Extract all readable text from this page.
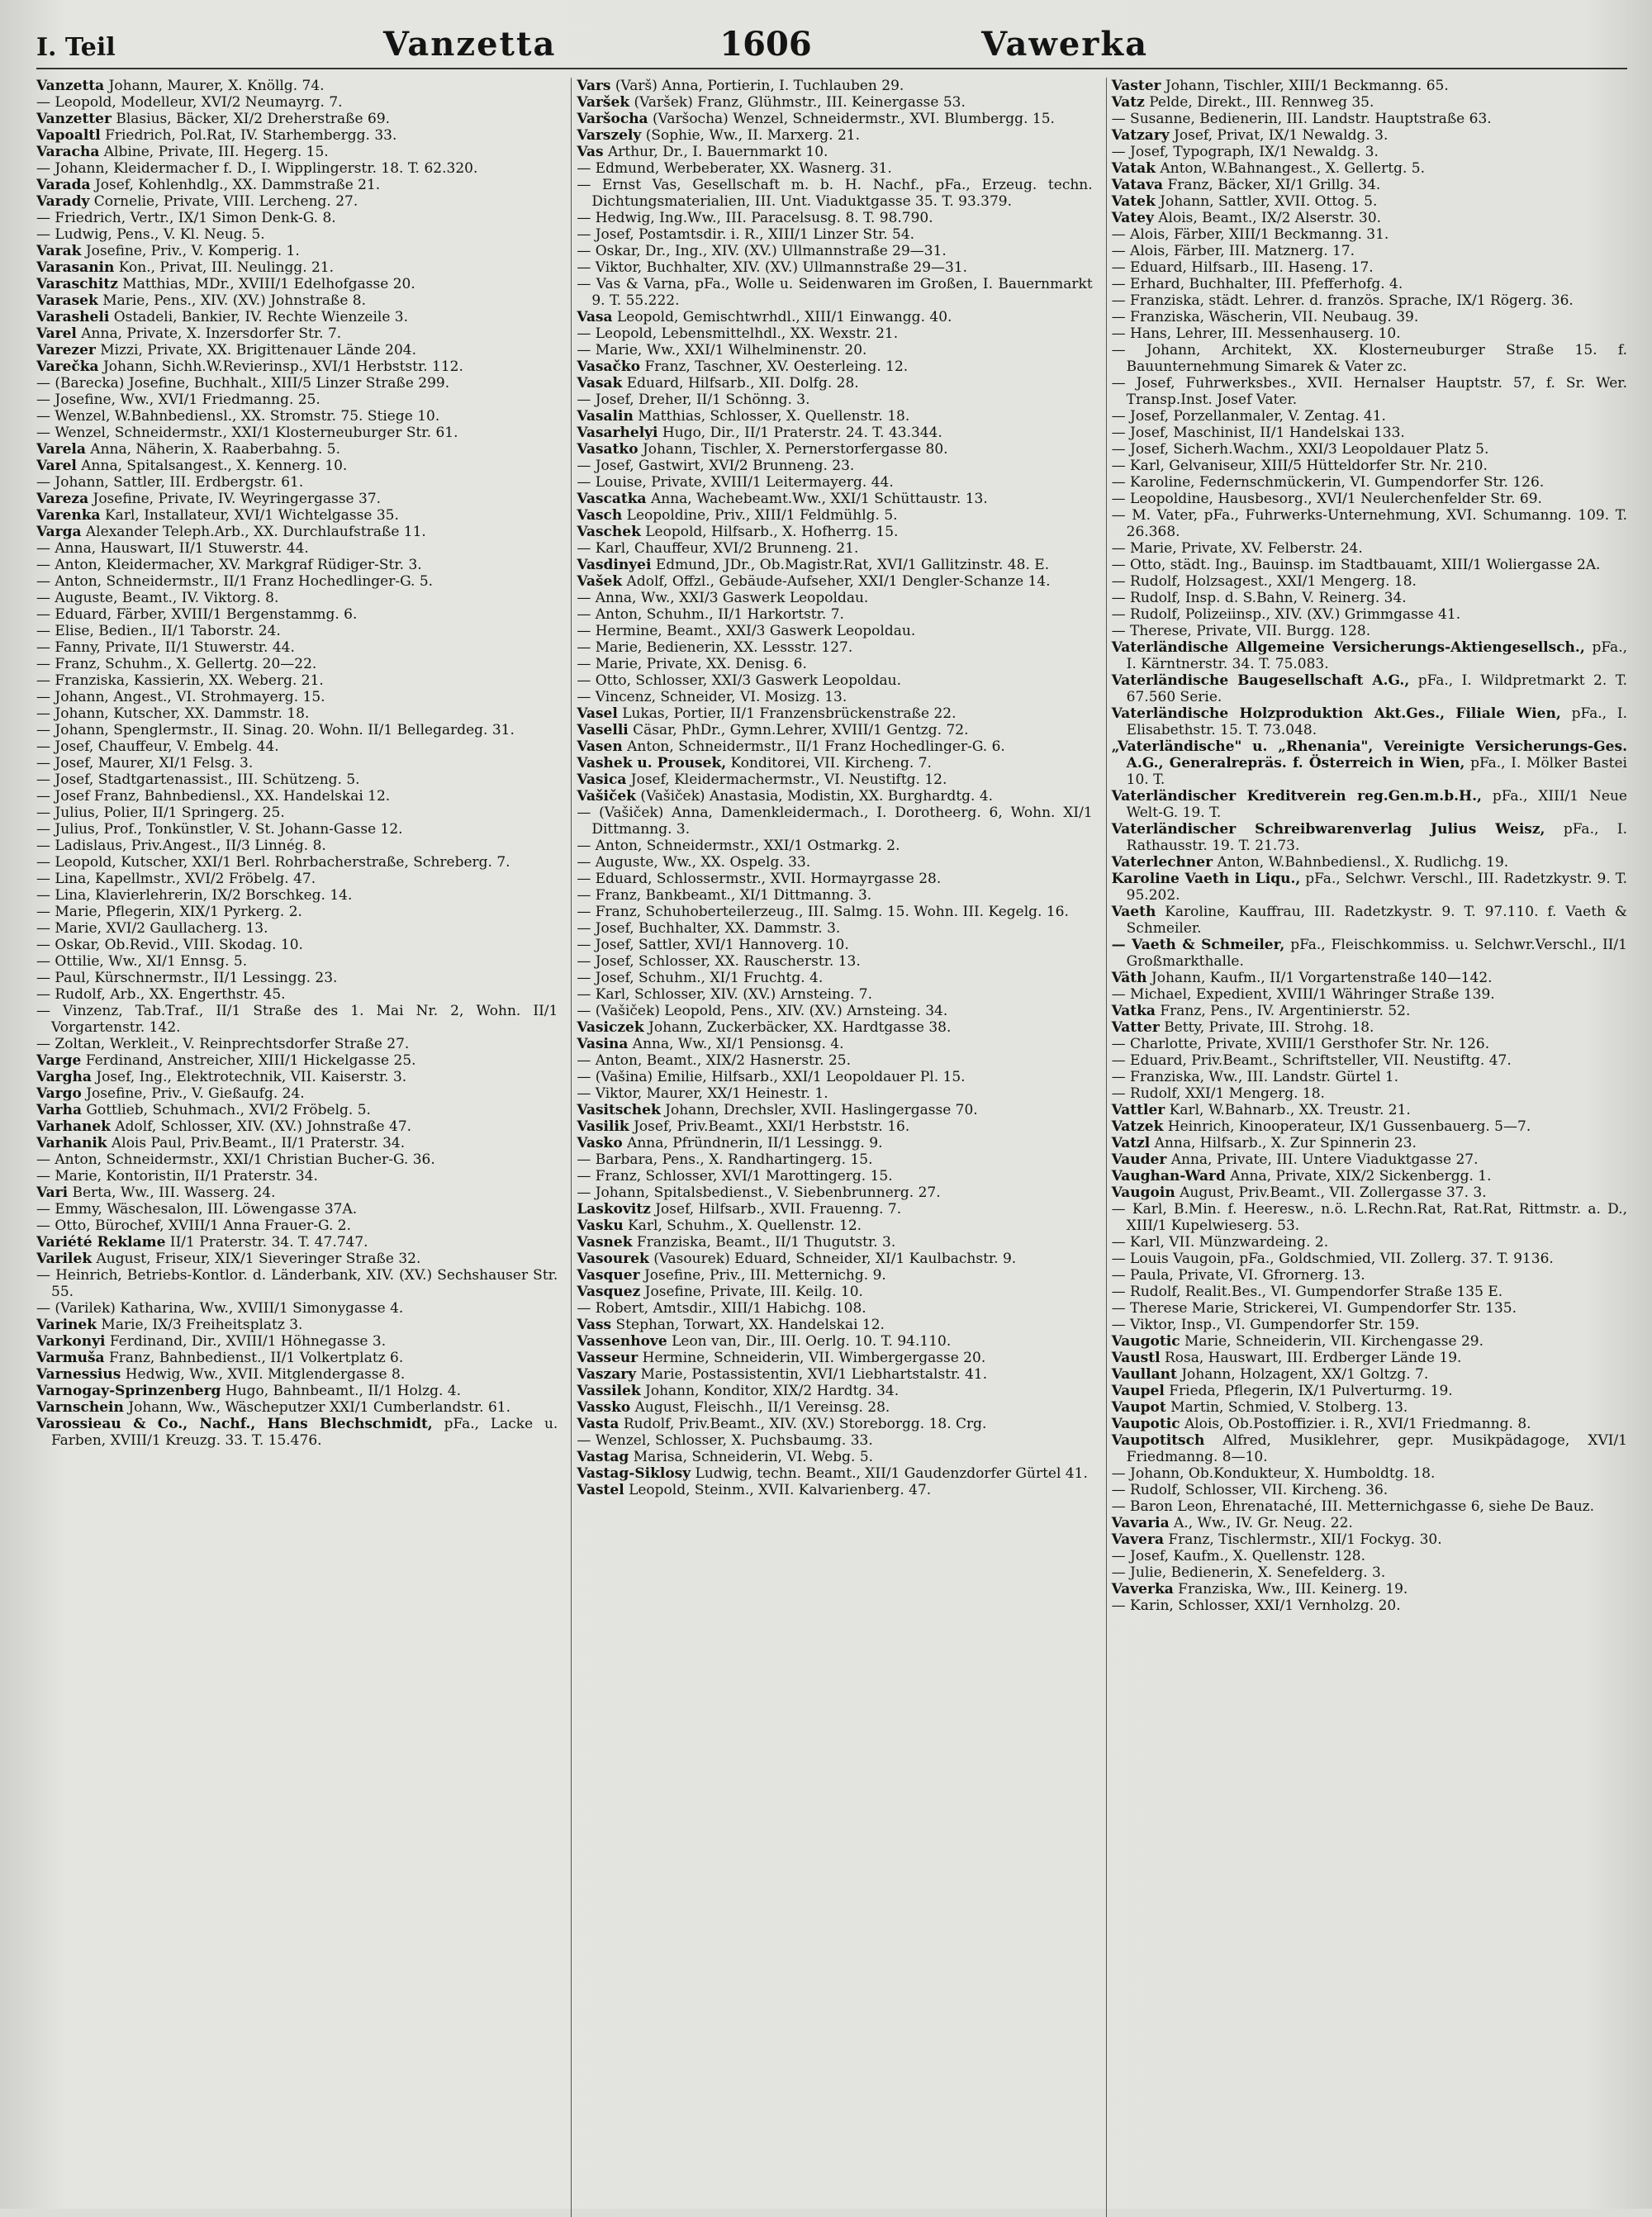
I. Teil	Vanzetta	1606	Vawerka

Vanzetta Johann, Maurer, X. Knöllg. 74.

— Leopold, Modelleur, XVI/2 Neumayrg. 7.

Vanzetter Blasius, Bäcker, XI/2 Dreherstraße 69.

Vapoaltl Friedrich, Pol.Rat, IV. Starhembergg. 33.

Varacha Albine, Private, III. Hegerg. 15.

— Johann, Kleidermacher f. D., I. Wipplingerstr. 18. T. 62.320.

Varada Josef, Kohlenhdlg., XX. Dammstraße 21.

Varady Cornelie, Private, VIII. Lercheng. 27.

— Friedrich, Vertr., IX/1 Simon Denk-G. 8.

— Ludwig, Pens., V. Kl. Neug. 5.

Varak Josefine, Priv., V. Komperig. 1.

Varasanin Kon., Privat, III. Neulingg. 21.

Varaschitz Matthias, MDr., XVIII/1 Edelhofgasse 20.

Varasek Marie, Pens., XIV. (XV.) Johnstraße 8.

Varasheli Ostadeli, Bankier, IV. Rechte Wienzeile 3.

Varel Anna, Private, X. Inzersdorfer Str. 7.

Varezer Mizzi, Private, XX. Brigittenauer Lände 204.

Varečka Johann, Sichh.W.Revierinsp., XVI/1 Herbststr. 112.

— (Barecka) Josefine, Buchhalt., XIII/5 Linzer Straße 299.

— Josefine, Ww., XVI/1 Friedmanng. 25.

— Wenzel, W.Bahnbediensl., XX. Stromstr. 75. Stiege 10.

— Wenzel, Schneidermstr., XXI/1 Klosterneuburger Str. 61.

Varela Anna, Näherin, X. Raaberbahng. 5.

Varel Anna, Spitalsangest., X. Kennerg. 10.

— Johann, Sattler, III. Erdbergstr. 61.

Vareza Josefine, Private, IV. Weyringergasse 37.

Varenka Karl, Installateur, XVI/1 Wichtelgasse 35.

Varga Alexander Teleph.Arb., XX. Durchlaufstraße 11.

— Anna, Hauswart, II/1 Stuwerstr. 44.

— Anton, Kleidermacher, XV. Markgraf Rüdiger-Str. 3.

— Anton, Schneidermstr., II/1 Franz Hochedlinger-G. 5.

— Auguste, Beamt., IV. Viktorg. 8.

— Eduard, Färber, XVIII/1 Bergenstammg. 6.

— Elise, Bedien., II/1 Taborstr. 24.

— Fanny, Private, II/1 Stuwerstr. 44.

— Franz, Schuhm., X. Gellertg. 20—22.

— Franziska, Kassierin, XX. Weberg. 21.

— Johann, Angest., VI. Strohmayerg. 15.

— Johann, Kutscher, XX. Dammstr. 18.

— Johann, Spenglermstr., II. Sinag. 20. Wohn. II/1 Bellegardeg. 31.

— Josef, Chauffeur, V. Embelg. 44.

— Josef, Maurer, XI/1 Felsg. 3.

— Josef, Stadtgartenassist., III. Schützeng. 5.

— Josef Franz, Bahnbediensl., XX. Handelskai 12.

— Julius, Polier, II/1 Springerg. 25.

— Julius, Prof., Tonkünstler, V. St. Johann-Gasse 12.

— Ladislaus, Priv.Angest., II/3 Linnég. 8.

— Leopold, Kutscher, XXI/1 Berl. Rohrbacherstraße, Schreberg. 7.

— Lina, Kapellmstr., XVI/2 Fröbelg. 47.

— Lina, Klavierlehrerin, IX/2 Borschkeg. 14.

— Marie, Pflegerin, XIX/1 Pyrkerg. 2.

— Marie, XVI/2 Gaullacherg. 13.

— Oskar, Ob.Revid., VIII. Skodag. 10.

— Ottilie, Ww., XI/1 Ennsg. 5.

— Paul, Kürschnermstr., II/1 Lessingg. 23.

— Rudolf, Arb., XX. Engerthstr. 45.

— Vinzenz, Tab.Traf., II/1 Straße des 1. Mai Nr. 2, Wohn. II/1 Vorgartenstr. 142.

— Zoltan, Werkleit., V. Reinprechtsdorfer Straße 27.

Varge Ferdinand, Anstreicher, XIII/1 Hickelgasse 25.

Vargha Josef, Ing., Elektrotechnik, VII. Kaiserstr. 3.

Vargo Josefine, Priv., V. Gießaufg. 24.

Varha Gottlieb, Schuhmach., XVI/2 Fröbelg. 5.

Varhanek Adolf, Schlosser, XIV. (XV.) Johnstraße 47.

Varhanik Alois Paul, Priv.Beamt., II/1 Praterstr. 34.

— Anton, Schneidermstr., XXI/1 Christian Bucher-G. 36.

— Marie, Kontoristin, II/1 Praterstr. 34.

Vari Berta, Ww., III. Wasserg. 24.

— Emmy, Wäschesalon, III. Löwengasse 37A.

— Otto, Bürochef, XVIII/1 Anna Frauer-G. 2.

Variété Reklame II/1 Praterstr. 34. T. 47.747.

Varilek August, Friseur, XIX/1 Sieveringer Straße 32.

— Heinrich, Betriebs-Kontlor. d. Länderbank, XIV. (XV.) Sechshauser Str. 55.

— (Varilek) Katharina, Ww., XVIII/1 Simonygasse 4.

Varinek Marie, IX/3 Freiheitsplatz 3.

Varkonyi Ferdinand, Dir., XVIII/1 Höhnegasse 3.

Varmuša Franz, Bahnbedienst., II/1 Volkertplatz 6.

Varnessius Hedwig, Ww., XVII. Mitglendergasse 8.

Varnogay-Sprinzenberg Hugo, Bahnbeamt., II/1 Holzg. 4.

Varnschein Johann, Ww., Wäscheputzer XXI/1 Cumberlandstr. 61.

Varossieau & Co., Nachf., Hans Blechschmidt, pFa., Lacke u. Farben, XVIII/1 Kreuzg. 33. T. 15.476.

Vars (Varš) Anna, Portierin, I. Tuchlauben 29.

Varšek (Varšek) Franz, Glühmstr., III. Keinergasse 53.

Varšocha (Varšocha) Wenzel, Schneidermstr., XVI. Blumbergg. 15.

Varszely (Sophie, Ww., II. Marxerg. 21.

Vas Arthur, Dr., I. Bauernmarkt 10.

— Edmund, Werbeberater, XX. Wasnerg. 31.

— Ernst Vas, Gesellschaft m. b. H. Nachf., pFa., Erzeug. techn. Dichtungsmaterialien, III. Unt. Viaduktgasse 35. T. 93.379.

— Hedwig, Ing.Ww., III. Paracelsusg. 8. T. 98.790.

— Josef, Postamtsdir. i. R., XIII/1 Linzer Str. 54.

— Oskar, Dr., Ing., XIV. (XV.) Ullmannstraße 29—31.

— Viktor, Buchhalter, XIV. (XV.) Ullmannstraße 29—31.

— Vas & Varna, pFa., Wolle u. Seidenwaren im Großen, I. Bauernmarkt 9. T. 55.222.

Vasa Leopold, Gemischtwrhdl., XIII/1 Einwangg. 40.

— Leopold, Lebensmittelhdl., XX. Wexstr. 21.

— Marie, Ww., XXI/1 Wilhelminenstr. 20.

Vasačko Franz, Taschner, XV. Oesterleing. 12.

Vasak Eduard, Hilfsarb., XII. Dolfg. 28.

— Josef, Dreher, II/1 Schönng. 3.

Vasalin Matthias, Schlosser, X. Quellenstr. 18.

Vasarhelyi Hugo, Dir., II/1 Praterstr. 24. T. 43.344.

Vasatko Johann, Tischler, X. Pernerstorfergasse 80.

— Josef, Gastwirt, XVI/2 Brunneng. 23.

— Louise, Private, XVIII/1 Leitermayerg. 44.

Vascatka Anna, Wachebeamt.Ww., XXI/1 Schüttaustr. 13.

Vasch Leopoldine, Priv., XIII/1 Feldmühlg. 5.

Vaschek Leopold, Hilfsarb., X. Hofherrg. 15.

— Karl, Chauffeur, XVI/2 Brunneng. 21.

Vasdinyei Edmund, JDr., Ob.Magistr.Rat, XVI/1 Gallitzinstr. 48. E.

Vašek Adolf, Offzl., Gebäude-Aufseher, XXI/1 Dengler-Schanze 14.

— Anna, Ww., XXI/3 Gaswerk Leopoldau.

— Anton, Schuhm., II/1 Harkortstr. 7.

— Hermine, Beamt., XXI/3 Gaswerk Leopoldau.

— Marie, Bedienerin, XX. Lessstr. 127.

— Marie, Private, XX. Denisg. 6.

— Otto, Schlosser, XXI/3 Gaswerk Leopoldau.

— Vincenz, Schneider, VI. Mosizg. 13.

Vasel Lukas, Portier, II/1 Franzensbrückenstraße 22.

Vaselli Cäsar, PhDr., Gymn.Lehrer, XVIII/1 Gentzg. 72.

Vasen Anton, Schneidermstr., II/1 Franz Hochedlinger-G. 6.

Vashek u. Prousek, Konditorei, VII. Kircheng. 7.

Vasica Josef, Kleidermachermstr., VI. Neustiftg. 12.

Vašiček (Vašiček) Anastasia, Modistin, XX. Burghardtg. 4.

— (Vašiček) Anna, Damenkleidermach., I. Dorotheerg. 6, Wohn. XI/1 Dittmanng. 3.

— Anton, Schneidermstr., XXI/1 Ostmarkg. 2.

— Auguste, Ww., XX. Ospelg. 33.

— Eduard, Schlossermstr., XVII. Hormayrgasse 28.

— Franz, Bankbeamt., XI/1 Dittmanng. 3.

— Franz, Schuhoberteilerzeug., III. Salmg. 15. Wohn. III. Kegelg. 16.

— Josef, Buchhalter, XX. Dammstr. 3.

— Josef, Sattler, XVI/1 Hannoverg. 10.

— Josef, Schlosser, XX. Rauscherstr. 13.

— Josef, Schuhm., XI/1 Fruchtg. 4.

— Karl, Schlosser, XIV. (XV.) Arnsteing. 7.

— (Vašiček) Leopold, Pens., XIV. (XV.) Arnsteing. 34.

Vasiczek Johann, Zuckerbäcker, XX. Hardtgasse 38.

Vasina Anna, Ww., XI/1 Pensionsg. 4.

— Anton, Beamt., XIX/2 Hasnerstr. 25.

— (Vašina) Emilie, Hilfsarb., XXI/1 Leopoldauer Pl. 15.

— Viktor, Maurer, XX/1 Heinestr. 1.

Vasitschek Johann, Drechsler, XVII. Haslingergasse 70.

Vasilik Josef, Priv.Beamt., XXI/1 Herbststr. 16.

Vasko Anna, Pfründnerin, II/1 Lessingg. 9.

— Barbara, Pens., X. Randhartingerg. 15.

— Franz, Schlosser, XVI/1 Marottingerg. 15.

— Johann, Spitalsbedienst., V. Siebenbrunnerg. 27.

Laskovitz Josef, Hilfsarb., XVII. Frauenng. 7.

Vasku Karl, Schuhm., X. Quellenstr. 12.

Vasnek Franziska, Beamt., II/1 Thugutstr. 3.

Vasourek (Vasourek) Eduard, Schneider, XI/1 Kaulbachstr. 9.

Vasquer Josefine, Priv., III. Metternichg. 9.

Vasquez Josefine, Private, III. Keilg. 10.

— Robert, Amtsdir., XIII/1 Habichg. 108.

Vass Stephan, Torwart, XX. Handelskai 12.

Vassenhove Leon van, Dir., III. Oerlg. 10. T. 94.110.

Vasseur Hermine, Schneiderin, VII. Wimbergergasse 20.

Vaszary Marie, Postassistentin, XVI/1 Liebhartstalstr. 41.

Vassilek Johann, Konditor, XIX/2 Hardtg. 34.

Vassko August, Fleischh., II/1 Vereinsg. 28.

Vasta Rudolf, Priv.Beamt., XIV. (XV.) Storeborgg. 18. Crg.

— Wenzel, Schlosser, X. Puchsbaumg. 33.

Vastag Marisa, Schneiderin, VI. Webg. 5.

Vastag-Siklosy Ludwig, techn. Beamt., XII/1 Gaudenzdorfer Gürtel 41.

Vastel Leopold, Steinm., XVII. Kalvarienberg. 47.

Vaster Johann, Tischler, XIII/1 Beckmanng. 65.

Vatz Pelde, Direkt., III. Rennweg 35.

— Susanne, Bedienerin, III. Landstr. Hauptstraße 63.

Vatzary Josef, Privat, IX/1 Newaldg. 3.

— Josef, Typograph, IX/1 Newaldg. 3.

Vatak Anton, W.Bahnangest., X. Gellertg. 5.

Vatava Franz, Bäcker, XI/1 Grillg. 34.

Vatek Johann, Sattler, XVII. Ottog. 5.

Vatey Alois, Beamt., IX/2 Alserstr. 30.

— Alois, Färber, XIII/1 Beckmanng. 31.

— Alois, Färber, III. Matznerg. 17.

— Eduard, Hilfsarb., III. Haseng. 17.

— Erhard, Buchhalter, III. Pfefferhofg. 4.

— Franziska, städt. Lehrer. d. französ. Sprache, IX/1 Rögerg. 36.

— Franziska, Wäscherin, VII. Neubaug. 39.

— Hans, Lehrer, III. Messenhauserg. 10.

— Johann, Architekt, XX. Klosterneuburger Straße 15. f. Bauunternehmung Simarek & Vater zc.

— Josef, Fuhrwerksbes., XVII. Hernalser Hauptstr. 57, f. Sr. Wer. Transp.Inst. Josef Vater.

— Josef, Porzellanmaler, V. Zentag. 41.

— Josef, Maschinist, II/1 Handelskai 133.

— Josef, Sicherh.Wachm., XXI/3 Leopoldauer Platz 5.

— Karl, Gelvaniseur, XIII/5 Hütteldorfer Str. Nr. 210.

— Karoline, Federnschmückerin, VI. Gumpendorfer Str. 126.

— Leopoldine, Hausbesorg., XVI/1 Neulerchenfelder Str. 69.

— M. Vater, pFa., Fuhrwerks-Unternehmung, XVI. Schumanng. 109. T. 26.368.

— Marie, Private, XV. Felberstr. 24.

— Otto, städt. Ing., Bauinsp. im Stadtbauamt, XIII/1 Woliergasse 2A.

— Rudolf, Holzsagest., XXI/1 Mengerg. 18.

— Rudolf, Insp. d. S.Bahn, V. Reinerg. 34.

— Rudolf, Polizeiinsp., XIV. (XV.) Grimmgasse 41.

— Therese, Private, VII. Burgg. 128.

Vaterländische Allgemeine Versicherungs-Aktiengesellsch., pFa., I. Kärntnerstr. 34. T. 75.083.

Vaterländische Baugesellschaft A.G., pFa., I. Wildpretmarkt 2. T. 67.560 Serie.

Vaterländische Holzproduktion Akt.Ges., Filiale Wien, pFa., I. Elisabethstr. 15. T. 73.048.

„Vaterländische" u. „Rhenania", Vereinigte Versicherungs-Ges. A.G., Generalrepräs. f. Österreich in Wien, pFa., I. Mölker Bastei 10. T.

Vaterländischer Kreditverein reg.Gen.m.b.H., pFa., XIII/1 Neue Welt-G. 19. T.

Vaterländischer Schreibwarenverlag Julius Weisz, pFa., I. Rathausstr. 19. T. 21.73.

Vaterlechner Anton, W.Bahnbediensl., X. Rudlichg. 19.

Karoline Vaeth in Liqu., pFa., Selchwr. Verschl., III. Radetzkystr. 9. T. 95.202.

Vaeth Karoline, Kauffrau, III. Radetzkystr. 9. T. 97.110. f. Vaeth & Schmeiler.

— Vaeth & Schmeiler, pFa., Fleischkommiss. u. Selchwr.Verschl., II/1 Großmarkthalle.

Väth Johann, Kaufm., II/1 Vorgartenstraße 140—142.

— Michael, Expedient, XVIII/1 Währinger Straße 139.

Vatka Franz, Pens., IV. Argentinierstr. 52.

Vatter Betty, Private, III. Strohg. 18.

— Charlotte, Private, XVIII/1 Gersthofer Str. Nr. 126.

— Eduard, Priv.Beamt., Schriftsteller, VII. Neustiftg. 47.

— Franziska, Ww., III. Landstr. Gürtel 1.

— Rudolf, XXI/1 Mengerg. 18.

Vattler Karl, W.Bahnarb., XX. Treustr. 21.

Vatzek Heinrich, Kinooperateur, IX/1 Gussenbauerg. 5—7.

Vatzl Anna, Hilfsarb., X. Zur Spinnerin 23.

Vauder Anna, Private, III. Untere Viaduktgasse 27.

Vaughan-Ward Anna, Private, XIX/2 Sickenbergg. 1.

Vaugoin August, Priv.Beamt., VII. Zollergasse 37. 3.

— Karl, B.Min. f. Heeresw., n.ö. L.Rechn.Rat, Rat.Rat, Rittmstr. a. D., XIII/1 Kupelwieserg. 53.

— Karl, VII. Münzwardeing. 2.

— Louis Vaugoin, pFa., Goldschmied, VII. Zollerg. 37. T. 9136.

— Paula, Private, VI. Gfrornerg. 13.

— Rudolf, Realit.Bes., VI. Gumpendorfer Straße 135 E.

— Therese Marie, Strickerei, VI. Gumpendorfer Str. 135.

— Viktor, Insp., VI. Gumpendorfer Str. 159.

Vaugotic Marie, Schneiderin, VII. Kirchengasse 29.

Vaustl Rosa, Hauswart, III. Erdberger Lände 19.

Vaullant Johann, Holzagent, XX/1 Goltzg. 7.

Vaupel Frieda, Pflegerin, IX/1 Pulverturmg. 19.

Vaupot Martin, Schmied, V. Stolberg. 13.

Vaupotic Alois, Ob.Postoffizier. i. R., XVI/1 Friedmanng. 8.

Vaupotitsch Alfred, Musiklehrer, gepr. Musikpädagoge, XVI/1 Friedmanng. 8—10.

— Johann, Ob.Kondukteur, X. Humboldtg. 18.

— Rudolf, Schlosser, VII. Kircheng. 36.

— Baron Leon, Ehrenataché, III. Metternichgasse 6, siehe De Bauz.

Vavaria A., Ww., IV. Gr. Neug. 22.

Vavera Franz, Tischlermstr., XII/1 Fockyg. 30.

— Josef, Kaufm., X. Quellenstr. 128.

— Julie, Bedienerin, X. Senefelderg. 3.

Vaverka Franziska, Ww., III. Keinerg. 19.

— Karin, Schlosser, XXI/1 Vernholzg. 20.
